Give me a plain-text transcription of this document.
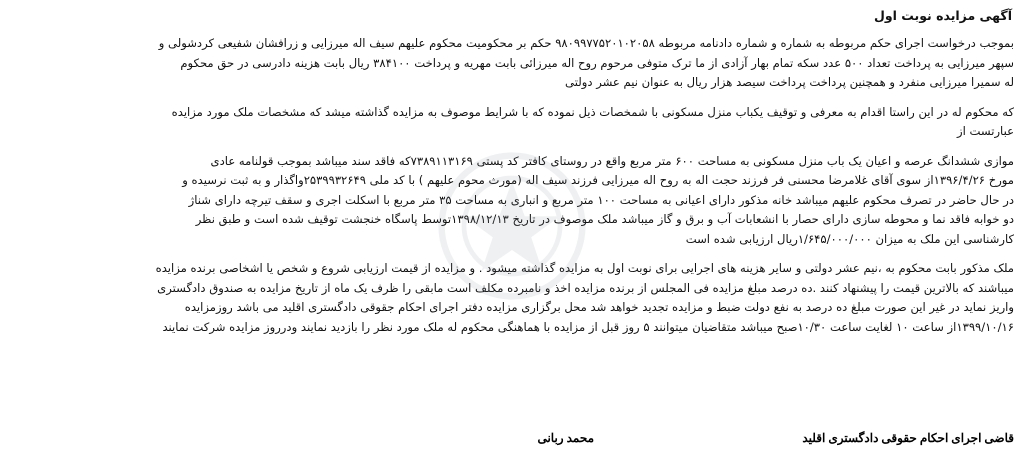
آگهی مزایده نوبت اول
بموجب درخواست اجرای حکم مربوطه به شماره و شماره دادنامه مربوطه ۹۸۰۹۹۷۷۵۲۰۱۰۲۰۵۸ حکم بر محکومیت محکوم علیهم سیف اله میرزایی و زرافشان شفیعی کردشولی و
سپهر میرزایی به پرداخت تعداد ۵۰۰ عدد سکه تمام بهار آزادی از ما ترک متوفی مرحوم روح اله میرزائی بابت مهریه و پرداخت ۳۸۴۱۰۰ ریال بابت هزینه دادرسی در حق محکوم
له سمیرا میرزایی منفرد و همچنین پرداخت پرداخت سیصد هزار ریال به عنوان نیم عشر دولتی
که محکوم له در این راستا اقدام به معرفی و توقیف یکباب منزل مسکونی با شمخصات ذیل نموده که با شرایط موصوف به مزایده گذاشته میشد که مشخصات ملک مورد مزایده
عبارتست از
موازی ششدانگ عرصه و اعیان یک باب منزل مسکونی به مساحت ۶۰۰ متر مربع واقع در روستای کافتر کد پستی ۷۳۸۹۱۱۳۱۶۹که فاقد سند میباشد بموجب قولنامه عادی
مورخ ۱۳۹۶/۴/۲۶از سوی آقای غلامرضا محسنی فر فرزند حجت اله به روح اله میرزایی فرزند سیف اله (مورث محوم علیهم ) با کد ملی ۲۵۳۹۹۳۲۶۴۹واگذار و به ثبت نرسیده و
در حال حاضر در تصرف محکوم علیهم میباشد خانه مذکور دارای اعیانی به مساحت ۱۰۰ متر مربع و انباری به مساحت ۳۵ متر مربع با اسکلت اجری و سقف تیرچه دارای شناژ
دو خوابه فاقد نما و محوطه سازی دارای حصار با انشعابات آب و برق و گاز میباشد ملک موصوف در تاریخ ۱۳۹۸/۱۲/۱۳توسط پاسگاه خنجشت توقیف شده است و طبق نظر
کارشناسی این ملک به میزان ۱/۶۴۵/۰۰۰/۰۰۰ریال ارزیابی شده است
ملک مذکور بابت محکوم به ،نیم عشر دولتی و سایر هزینه های اجرایی برای نوبت اول به مزایده گذاشته میشود . و مزایده از قیمت ارزیابی شروع و شخص یا اشخاصی برنده مزایده
میباشند که بالاترین قیمت را پیشنهاد کنند .ده درصد مبلغ مزایده فی المجلس از برنده مزایده اخذ و نامبرده مکلف است مابقی را ظرف یک ماه از تاریخ مزایده به صندوق دادگستری
واریز نماید در غیر این صورت مبلغ ده درصد به نفع دولت ضبط و مزایده تجدید خواهد شد محل برگزاری مزایده دفتر اجرای احکام جقوقی دادگستری اقلید می باشد روزمزایده
۱۳۹۹/۱۰/۱۶از ساعت ۱۰ لغایت ساعت ۱۰/۳۰صبح میباشد متقاضیان میتوانند ۵ روز قبل از مزایده با هماهنگی محکوم له ملک مورد نظر را بازدید نمایند ودرروز مزایده شرکت نمایند
قاضی اجرای احکام حقوقی دادگستری اقلید
محمد ربانی
